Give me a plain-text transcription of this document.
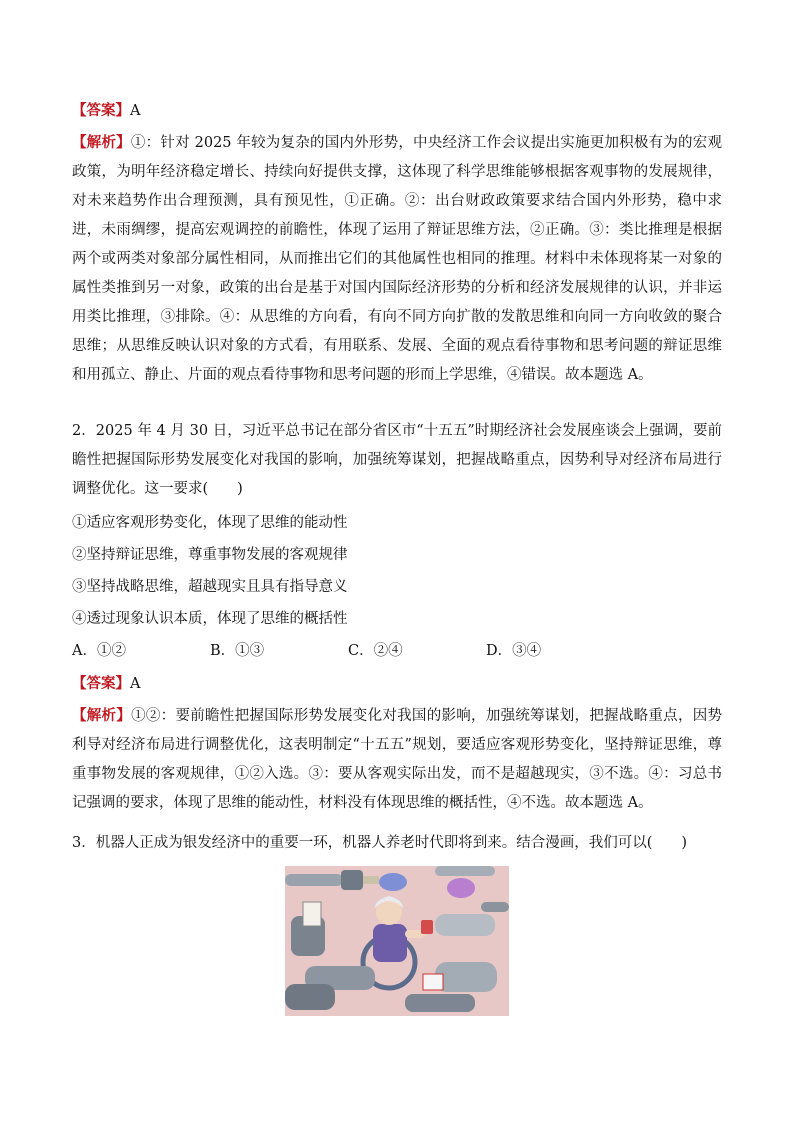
【答案】A

【解析】①：针对 2025 年较为复杂的国内外形势，中央经济工作会议提出实施更加积极有为的宏观政策，为明年经济稳定增长、持续向好提供支撑，这体现了科学思维能够根据客观事物的发展规律，对未来趋势作出合理预测，具有预见性，①正确。②：出台财政政策要求结合国内外形势，稳中求进，未雨绸缪，提高宏观调控的前瞻性，体现了运用了辩证思维方法，②正确。③：类比推理是根据两个或两类对象部分属性相同，从而推出它们的其他属性也相同的推理。材料中未体现将某一对象的属性类推到另一对象，政策的出台是基于对国内国际经济形势的分析和经济发展规律的认识，并非运用类比推理，③排除。④：从思维的方向看，有向不同方向扩散的发散思维和向同一方向收敛的聚合思维；从思维反映认识对象的方式看，有用联系、发展、全面的观点看待事物和思考问题的辩证思维和用孤立、静止、片面的观点看待事物和思考问题的形而上学思维，④错误。故本题选 A。

2．2025 年 4 月 30 日，习近平总书记在部分省区市“十五五”时期经济社会发展座谈会上强调，要前瞻性把握国际形势发展变化对我国的影响，加强统筹谋划，把握战略重点，因势利导对经济布局进行调整优化。这一要求(　　)

①适应客观形势变化，体现了思维的能动性

②坚持辩证思维，尊重事物发展的客观规律

③坚持战略思维，超越现实且具有指导意义

④透过现象认识本质，体现了思维的概括性

A．①②	B．①③	C．②④	D．③④

【答案】A

【解析】①②：要前瞻性把握国际形势发展变化对我国的影响，加强统筹谋划，把握战略重点，因势利导对经济布局进行调整优化，这表明制定“十五五”规划，要适应客观形势变化，坚持辩证思维，尊重事物发展的客观规律，①②入选。③：要从客观实际出发，而不是超越现实，③不选。④：习总书记强调的要求，体现了思维的能动性，材料没有体现思维的概括性，④不选。故本题选 A。

3．机器人正成为银发经济中的重要一环，机器人养老时代即将到来。结合漫画，我们可以(　　)
